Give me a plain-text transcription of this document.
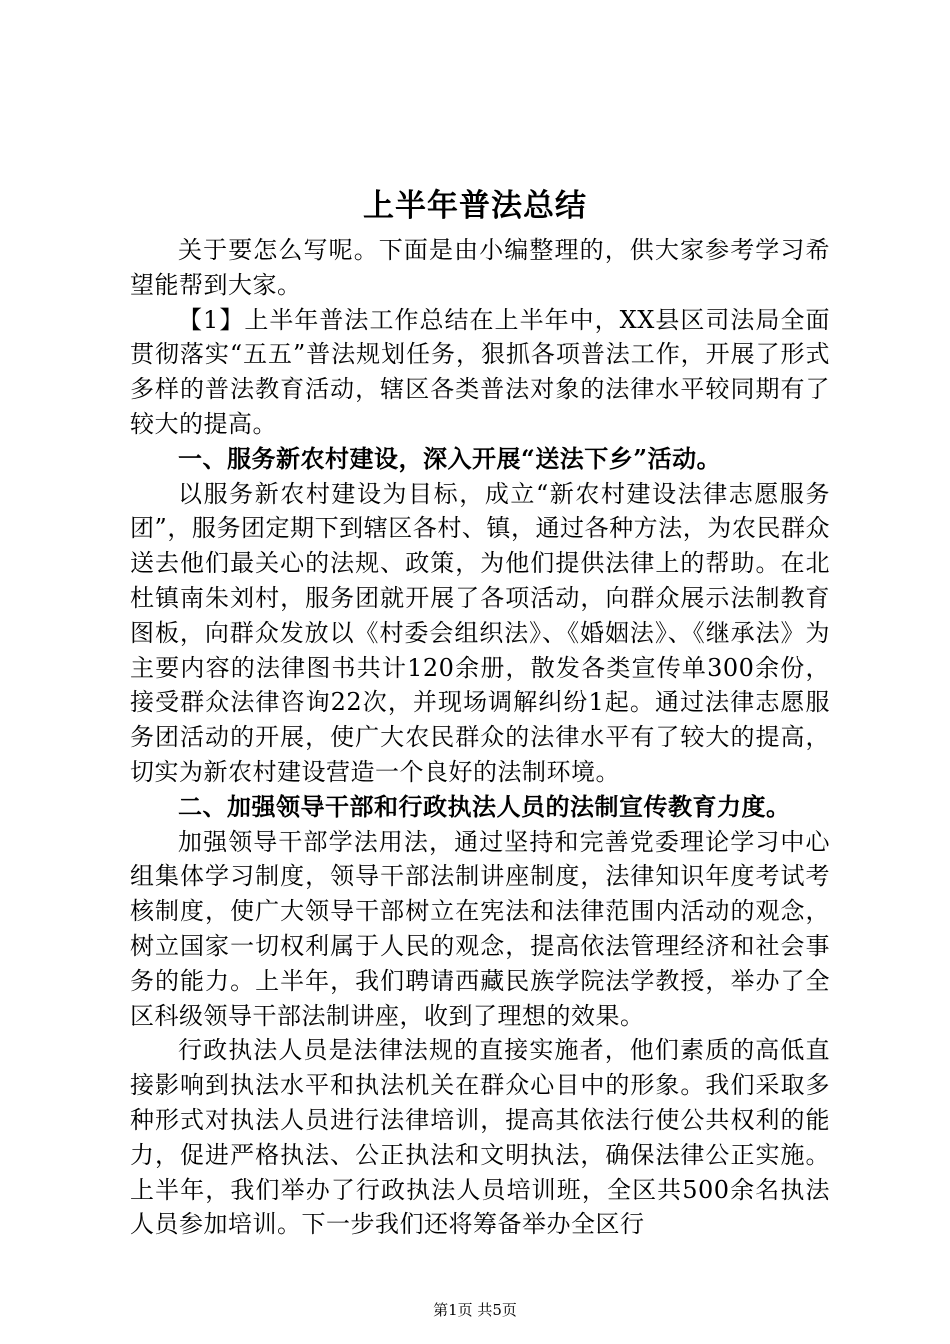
上半年普法总结

关于要怎么写呢。下面是由小编整理的，供大家参考学习希望能帮到大家。

【1】上半年普法工作总结在上半年中，XX县区司法局全面贯彻落实“五五”普法规划任务，狠抓各项普法工作，开展了形式多样的普法教育活动，辖区各类普法对象的法律水平较同期有了较大的提高。

一、服务新农村建设，深入开展“送法下乡”活动。

以服务新农村建设为目标，成立“新农村建设法律志愿服务团”，服务团定期下到辖区各村、镇，通过各种方法，为农民群众送去他们最关心的法规、政策，为他们提供法律上的帮助。在北杜镇南朱刘村，服务团就开展了各项活动，向群众展示法制教育图板，向群众发放以《村委会组织法》、《婚姻法》、《继承法》为主要内容的法律图书共计120余册，散发各类宣传单300余份，接受群众法律咨询22次，并现场调解纠纷1起。通过法律志愿服务团活动的开展，使广大农民群众的法律水平有了较大的提高，切实为新农村建设营造一个良好的法制环境。

二、加强领导干部和行政执法人员的法制宣传教育力度。

加强领导干部学法用法，通过坚持和完善党委理论学习中心组集体学习制度，领导干部法制讲座制度，法律知识年度考试考核制度，使广大领导干部树立在宪法和法律范围内活动的观念，树立国家一切权利属于人民的观念，提高依法管理经济和社会事务的能力。上半年，我们聘请西藏民族学院法学教授，举办了全区科级领导干部法制讲座，收到了理想的效果。

行政执法人员是法律法规的直接实施者，他们素质的高低直接影响到执法水平和执法机关在群众心目中的形象。我们采取多种形式对执法人员进行法律培训，提高其依法行使公共权利的能力，促进严格执法、公正执法和文明执法，确保法律公正实施。上半年，我们举办了行政执法人员培训班，全区共500余名执法人员参加培训。下一步我们还将筹备举办全区行

第1页 共5页
